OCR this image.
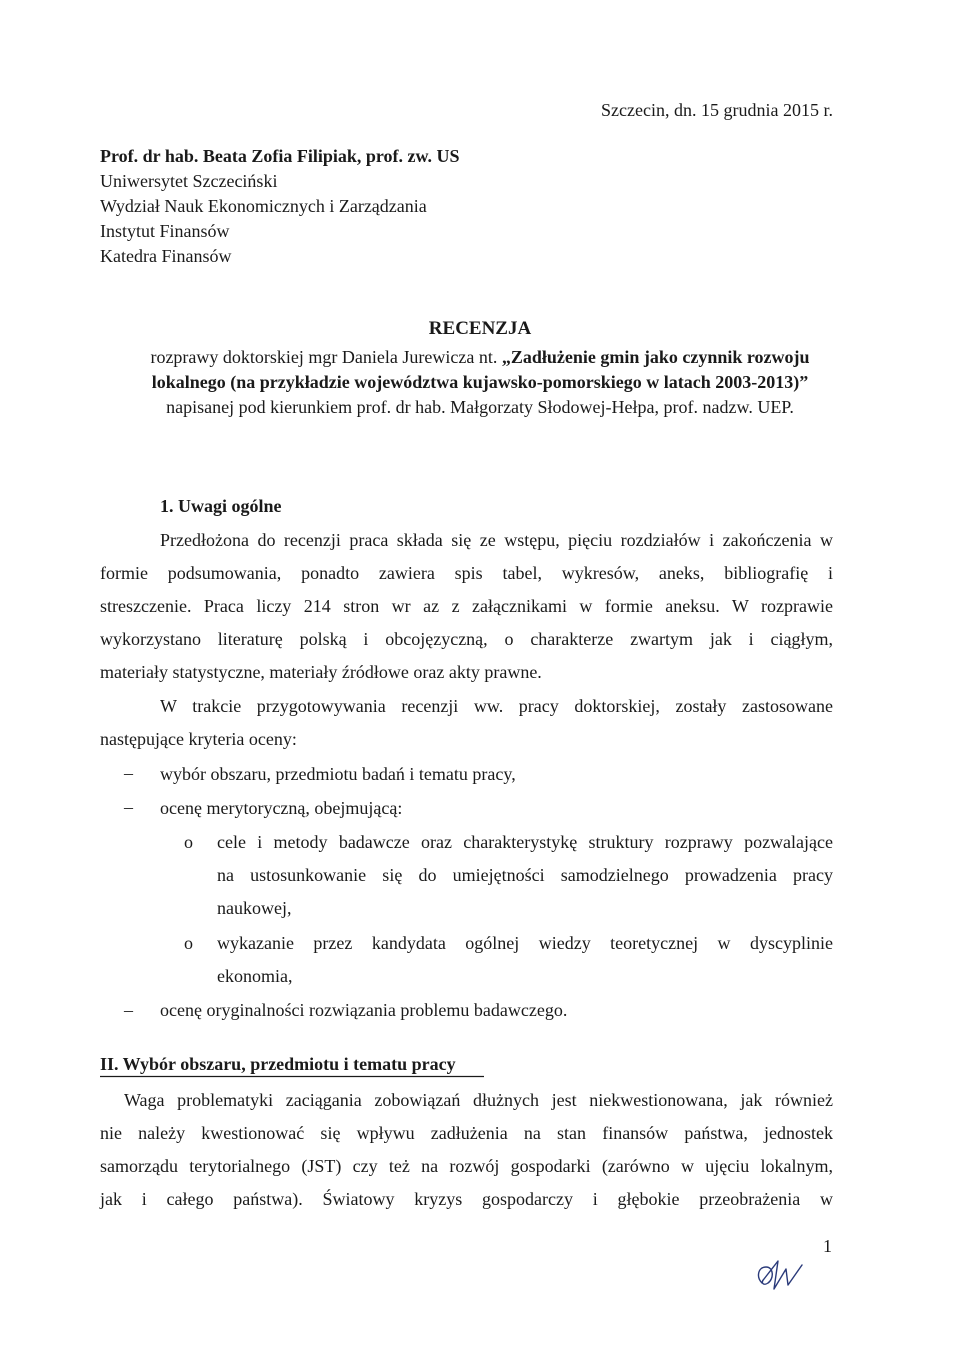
Szczecin, dn. 15 grudnia 2015 r.
Prof. dr hab. Beata Zofia Filipiak, prof. zw. US
Uniwersytet Szczeciński
Wydział Nauk Ekonomicznych i Zarządzania
Instytut Finansów
Katedra Finansów
RECENZJA
rozprawy doktorskiej mgr Daniela Jurewicza nt. „Zadłużenie gmin jako czynnik rozwoju
lokalnego (na przykładzie województwa kujawsko-pomorskiego w latach 2003-2013)”
napisanej pod kierunkiem prof. dr hab. Małgorzaty Słodowej-Hełpa, prof. nadzw. UEP.
1. Uwagi ogólne
Przedłożona do recenzji praca składa się ze wstępu, pięciu rozdziałów i zakończenia w
formie podsumowania, ponadto zawiera spis tabel, wykresów, aneks, bibliografię i
streszczenie. Praca liczy 214 stron wr az z załącznikami w formie aneksu. W rozprawie
wykorzystano literaturę polską i obcojęzyczną, o charakterze zwartym jak i ciągłym,
materiały statystyczne, materiały źródłowe oraz akty prawne.
W trakcie przygotowywania recenzji ww. pracy doktorskiej, zostały zastosowane
następujące kryteria oceny:
– wybór obszaru, przedmiotu badań i tematu pracy,
– ocenę merytoryczną, obejmującą:
o cele i metody badawcze oraz charakterystykę struktury rozprawy pozwalające
na ustosunkowanie się do umiejętności samodzielnego prowadzenia pracy
naukowej,
o wykazanie przez kandydata ogólnej wiedzy teoretycznej w dyscyplinie
ekonomia,
– ocenę oryginalności rozwiązania problemu badawczego.
II. Wybór obszaru, przedmiotu i tematu pracy
Waga problematyki zaciągania zobowiązań dłużnych jest niekwestionowana, jak również
nie należy kwestionować się wpływu zadłużenia na stan finansów państwa, jednostek
samorządu terytorialnego (JST) czy też na rozwój gospodarki (zarówno w ujęciu lokalnym,
jak i całego państwa). Światowy kryzys gospodarczy i głębokie przeobrażenia w
1
